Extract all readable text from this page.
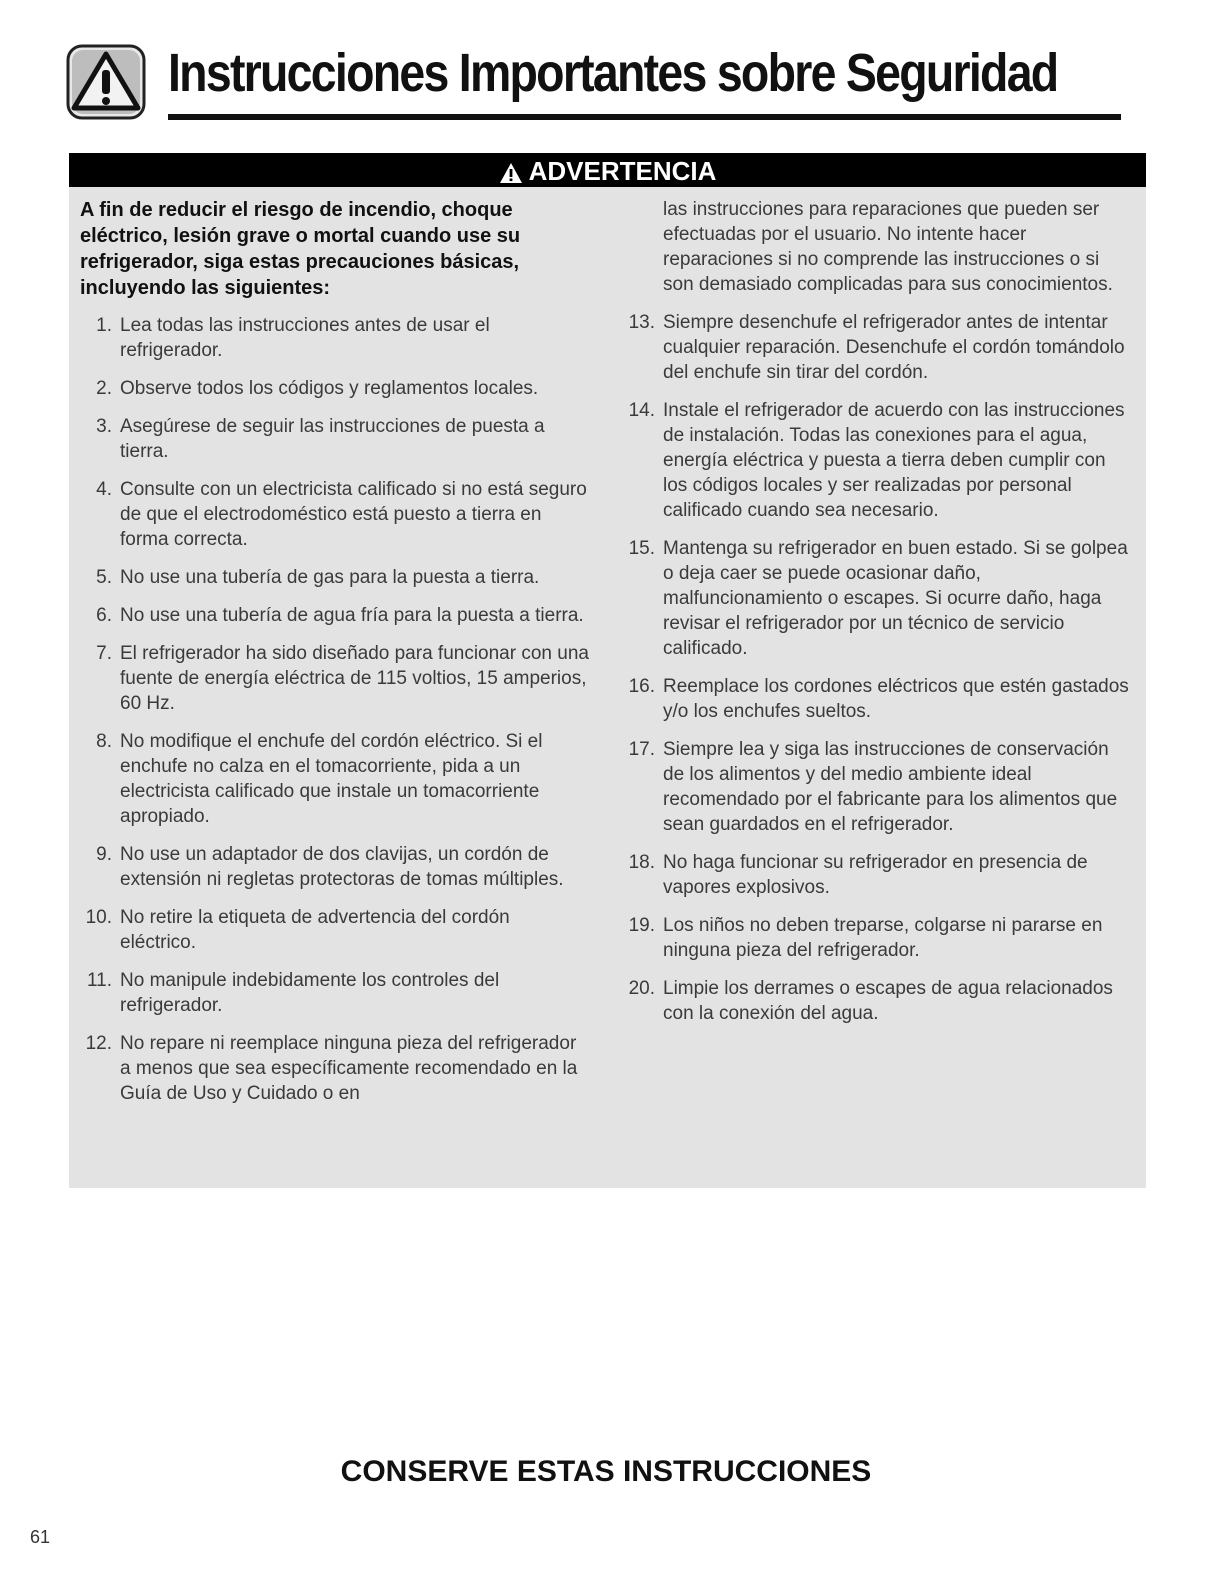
Instrucciones Importantes sobre Seguridad
ADVERTENCIA

A fin de reducir el riesgo de incendio, choque eléctrico, lesión grave o mortal cuando use su refrigerador, siga estas precauciones básicas, incluyendo las siguientes:

1. Lea todas las instrucciones antes de usar el refrigerador.
2. Observe todos los códigos y reglamentos locales.
3. Asegúrese de seguir las instrucciones de puesta a tierra.
4. Consulte con un electricista calificado si no está seguro de que el electrodoméstico está puesto a tierra en forma correcta.
5. No use una tubería de gas para la puesta a tierra.
6. No use una tubería de agua fría para la puesta a tierra.
7. El refrigerador ha sido diseñado para funcionar con una fuente de energía eléctrica de 115 voltios, 15 amperios, 60 Hz.
8. No modifique el enchufe del cordón eléctrico. Si el enchufe no calza en el tomacorriente, pida a un electricista calificado que instale un tomacorriente apropiado.
9. No use un adaptador de dos clavijas, un cordón de extensión ni regletas protectoras de tomas múltiples.
10. No retire la etiqueta de advertencia del cordón eléctrico.
11. No manipule indebidamente los controles del refrigerador.
12. No repare ni reemplace ninguna pieza del refrigerador a menos que sea específicamente recomendado en la Guía de Uso y Cuidado o en
las instrucciones para reparaciones que pueden ser efectuadas por el usuario. No intente hacer reparaciones si no comprende las instrucciones o si son demasiado complicadas para sus conocimientos.
13. Siempre desenchufe el refrigerador antes de intentar cualquier reparación. Desenchufe el cordón tomándolo del enchufe sin tirar del cordón.
14. Instale el refrigerador de acuerdo con las instrucciones de instalación. Todas las conexiones para el agua, energía eléctrica y puesta a tierra deben cumplir con los códigos locales y ser realizadas por personal calificado cuando sea necesario.
15. Mantenga su refrigerador en buen estado. Si se golpea o deja caer se puede ocasionar daño, malfuncionamiento o escapes. Si ocurre daño, haga revisar el refrigerador por un técnico de servicio calificado.
16. Reemplace los cordones eléctricos que estén gastados y/o los enchufes sueltos.
17. Siempre lea y siga las instrucciones de conservación de los alimentos y del medio ambiente ideal recomendado por el fabricante para los alimentos que sean guardados en el refrigerador.
18. No haga funcionar su refrigerador en presencia de vapores explosivos.
19. Los niños no deben treparse, colgarse ni pararse en ninguna pieza del refrigerador.
20. Limpie los derrames o escapes de agua relacionados con la conexión del agua.
CONSERVE ESTAS INSTRUCCIONES
61
